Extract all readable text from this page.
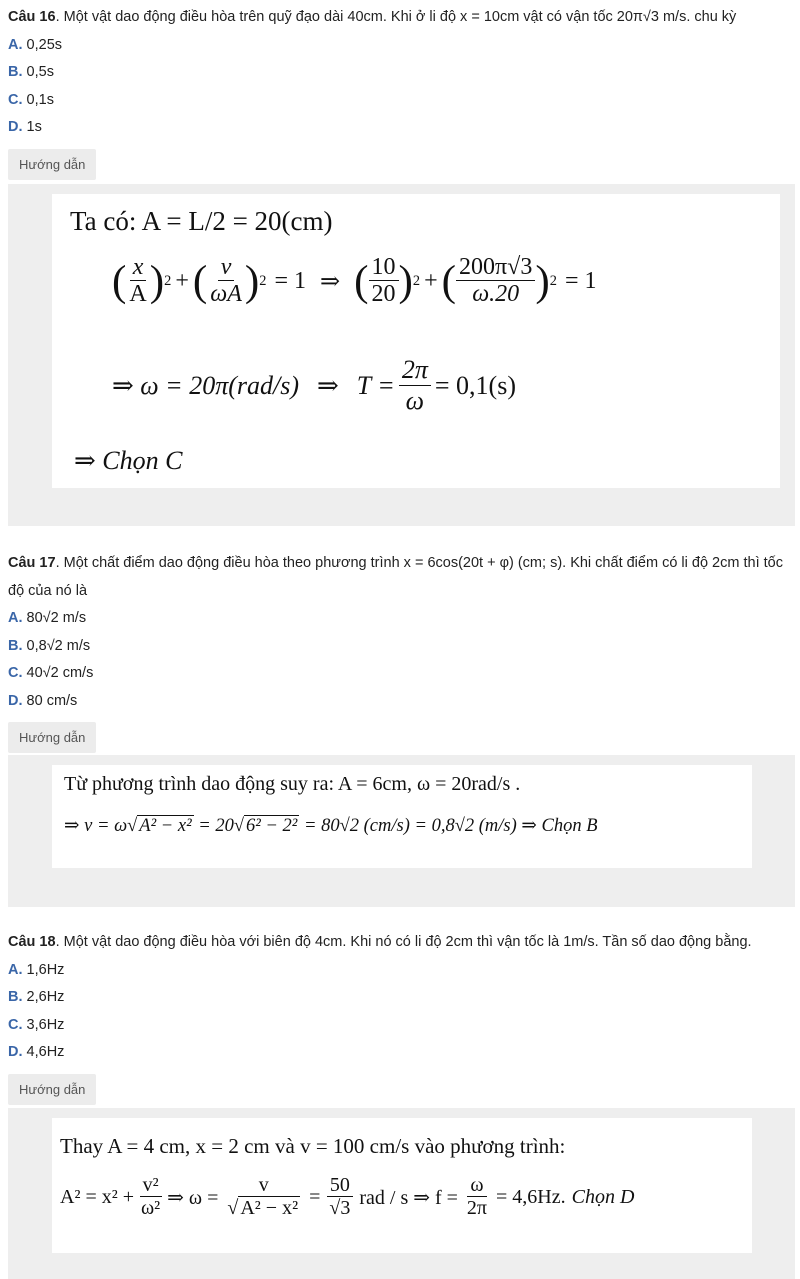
Câu 16. Một vật dao động điều hòa trên quỹ đạo dài 40cm. Khi ở li độ x = 10cm vật có vận tốc 20π√3 m/s. chu kỳ
A. 0,25s
B. 0,5s
C. 0,1s
D. 1s
Hướng dẫn
Ta có: A = L/2 = 20(cm)
( $\frac{x}{A}$ ) 2 + ( $\frac{v}{\omega A}$ ) 2 = 1 ⇒ ( $\frac{10}{20}$ ) 2 + ( $\frac{200\pi√3}{\omega.20}$ ) 2 = 1
⇒ ω = 20π(rad/s) ⇒ $T = \frac{2\pi}{\omega} = 0,1(s)$
⇒ Chọn C
Câu 17. Một chất điểm dao động điều hòa theo phương trình x = 6cos(20t + φ) (cm; s). Khi chất điểm có li độ 2cm thì tốc độ của nó là
A. 80√2 m/s
B. 0,8√2 m/s
C. 40√2 cm/s
D. 80 cm/s
Hướng dẫn
Từ phương trình dao động suy ra: A = 6cm, ω = 20rad/s .
⇒ v = ω√ A² − x² = 20√ 6² − 2² = 80√2 (cm/s) = 0,8√2 (m/s) ⇒ Chọn B
Câu 18. Một vật dao động điều hòa với biên độ 4cm. Khi nó có li độ 2cm thì vận tốc là 1m/s. Tần số dao động bằng.
A. 1,6Hz
B. 2,6Hz
C. 3,6Hz
D. 4,6Hz
Hướng dẫn
Thay A = 4 cm, x = 2 cm và v = 100 cm/s vào phương trình:
$A^2 = x^2 + \frac{\text{v²}}{\text{ω²}}$ ⇒ $\omega = \frac{v}{\text{√ A² − x²}} = \frac{50}{√3}$ rad / s ⇒ $f = \frac{\omega}{2\pi} = 4,6Hz$. Chọn D
